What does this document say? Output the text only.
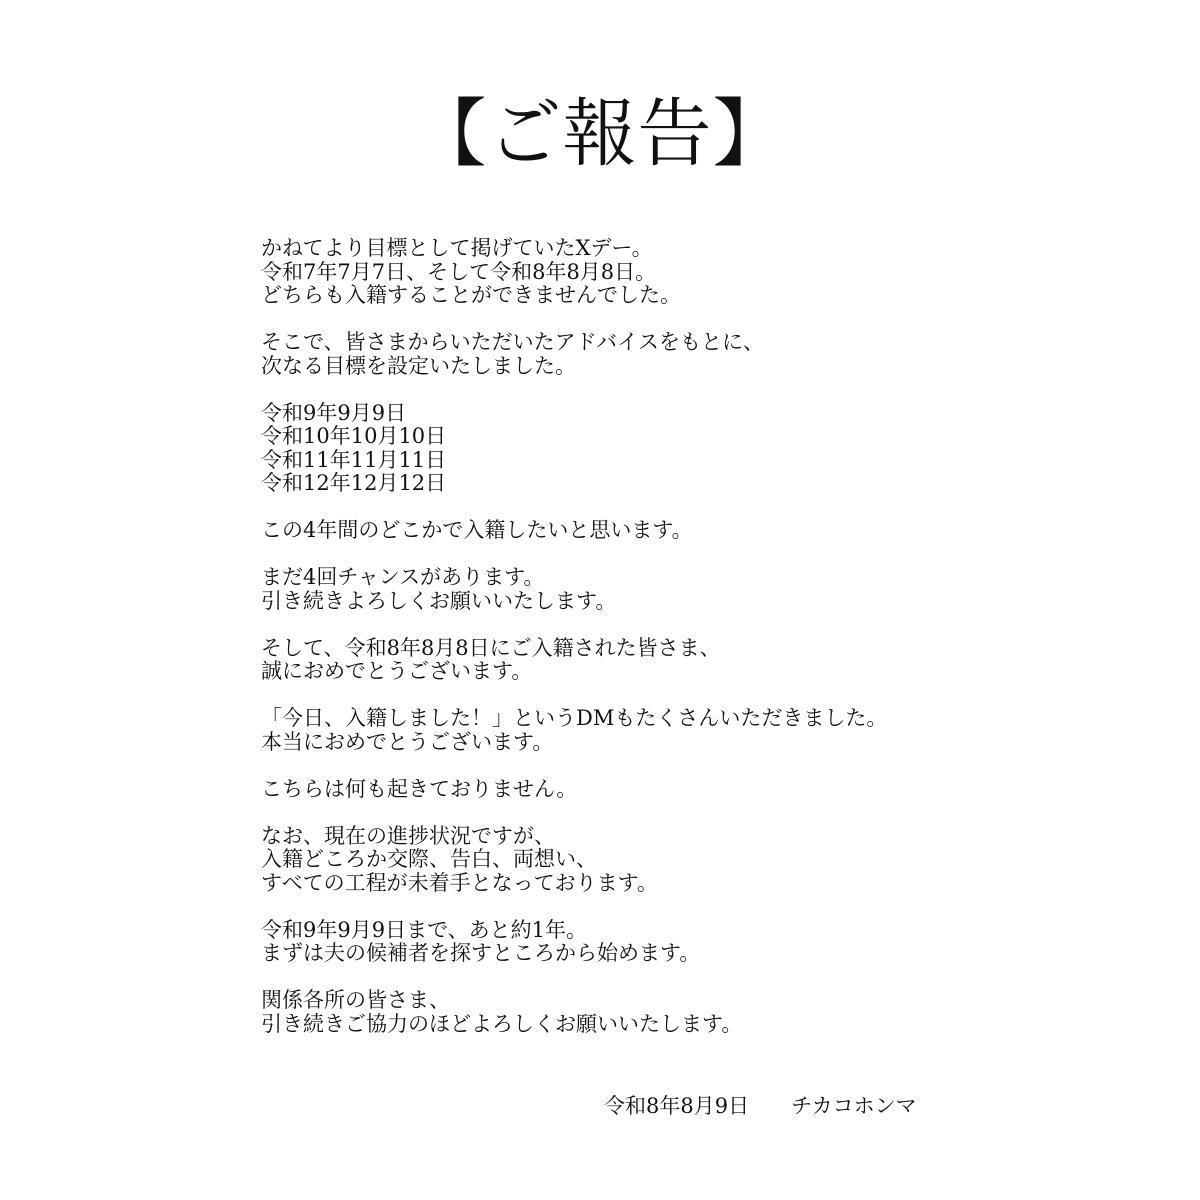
【ご報告】
かねてより目標として掲げていたXデー。
令和7年7月7日、そして令和8年8月8日。
どちらも入籍することができませんでした。
そこで、皆さまからいただいたアドバイスをもとに、
次なる目標を設定いたしました。
令和9年9月9日
令和10年10月10日
令和11年11月11日
令和12年12月12日
この4年間のどこかで入籍したいと思います。
まだ4回チャンスがあります。
引き続きよろしくお願いいたします。
そして、令和8年8月8日にご入籍された皆さま、
誠におめでとうございます。
「今日、入籍しました！」というDMもたくさんいただきました。
本当におめでとうございます。
こちらは何も起きておりません。
なお、現在の進捗状況ですが、
入籍どころか交際、告白、両想い、
すべての工程が未着手となっております。
令和9年9月9日まで、あと約1年。
まずは夫の候補者を探すところから始めます。
関係各所の皆さま、
引き続きご協力のほどよろしくお願いいたします。
令和8年8月9日　　 チカコホンマ
